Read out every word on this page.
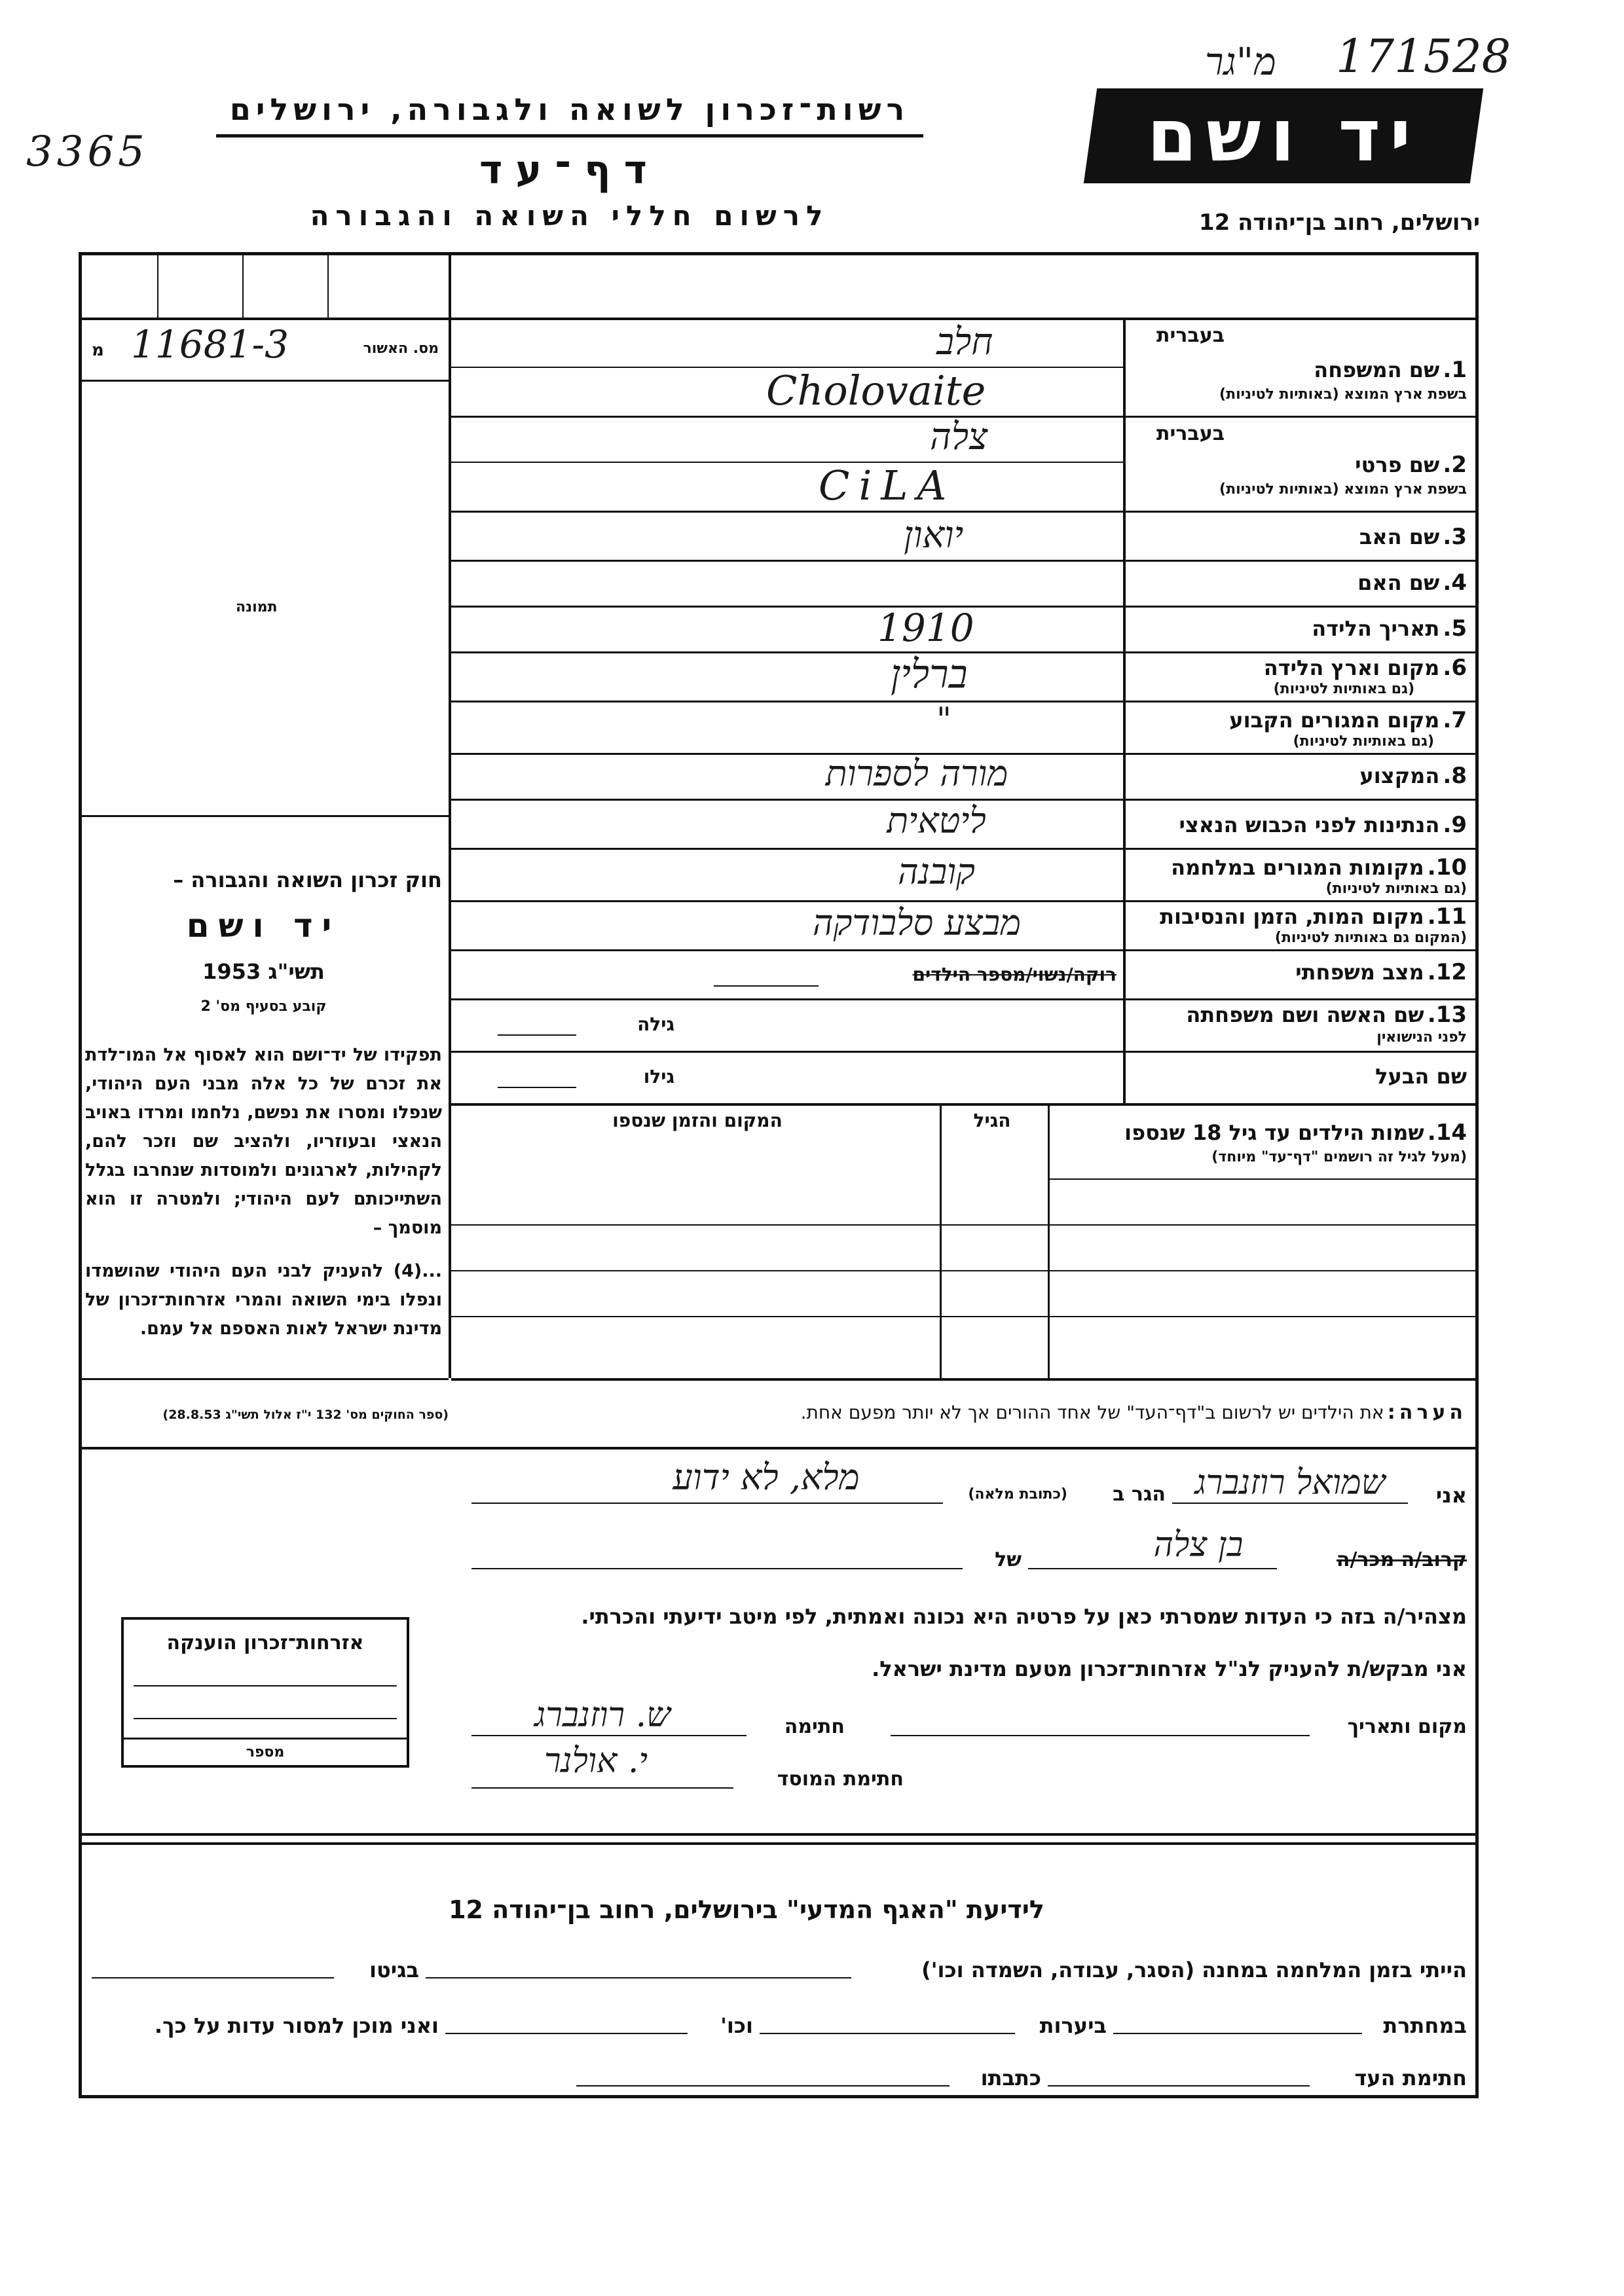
3365
מ"גר 171528
רשות־זכרון לשואה ולגבורה, ירושלים
דף־עד
לרשום חללי השואה והגבורה
יד ושם
ירושלים, רחוב בן־יהודה 12
11681-3	מס. האשור
מ
תמונה
חוק זכרון השואה והגבורה –
יד ושם
תשי"ג 1953
קובע בסעיף מס' 2
תפקידו של יד־ושם הוא לאסוף אל המו־לדת את זכרם של כל אלה מבני העם היהודי, שנפלו ומסרו את נפשם, נלחמו ומרדו באויב הנאצי ובעוזריו, ולהציב שם וזכר להם, לקהילות, לארגונים ולמוסדות שנחרבו בגלל השתייכותם לעם היהודי; ולמטרה זו הוא מוסמך –
...(4) להעניק לבני העם היהודי שהושמדו ונפלו בימי השואה והמרי אזרחות־זכרון של מדינת ישראל לאות האספם אל עמם.
(ספר החוקים מס' 132 י"ז אלול תשי"ג 28.8.53)
בעברית
1. שם המשפחה
בשפת ארץ המוצא (באותיות לטיניות)
חלב
Cholovaite
בעברית
2. שם פרטי
בשפת ארץ המוצא (באותיות לטיניות)
צלה
CiLA
3. שם האב
יואון
4. שם האם
5. תאריך הלידה
1910
6. מקום וארץ הלידה
(גם באותיות לטיניות)
ברלין
7. מקום המגורים הקבוע
(גם באותיות לטיניות)
"
8. המקצוע
מורה לספרות
9. הנתינות לפני הכבוש הנאצי
ליטאית
10. מקומות המגורים במלחמה
(גם באותיות לטיניות)
קובנה
11. מקום המות, הזמן והנסיבות
(המקום גם באותיות לטיניות)
מבצע סלבודקה
12. מצב משפחתי
רוקה/נשוי/מספר הילדים
13. שם האשה ושם משפחתה
לפני הנישואין
גילה
שם הבעל
גילו
14. שמות הילדים עד גיל 18 שנספו
(מעל לגיל זה רושמים "דף־עד" מיוחד)
הגיל
המקום והזמן שנספו
הערה: את הילדים יש לרשום ב"דף־העד" של אחד ההורים אך לא יותר מפעם אחת.
אני
שמואל רוזנברג
הגר ב
(כתובת מלאה)
מלא, לא ידוע
קרוב/ה מכר/ה
בן צלה
של
מצהיר/ה בזה כי העדות שמסרתי כאן על פרטיה היא נכונה ואמתית, לפי מיטב ידיעתי והכרתי.
אני מבקש/ת להעניק לנ"ל אזרחות־זכרון מטעם מדינת ישראל.
מקום ותאריך
חתימה
ש. רוזנברג
חתימת המוסד
י. אולנר
אזרחות־זכרון הוענקה
מספר
לידיעת "האגף המדעי" בירושלים, רחוב בן־יהודה 12
הייתי בזמן המלחמה במחנה (הסגר, עבודה, השמדה וכו')
בגיטו
במחתרת
ביערות
וכו'
ואני מוכן למסור עדות על כך.
חתימת העד
כתבתו
